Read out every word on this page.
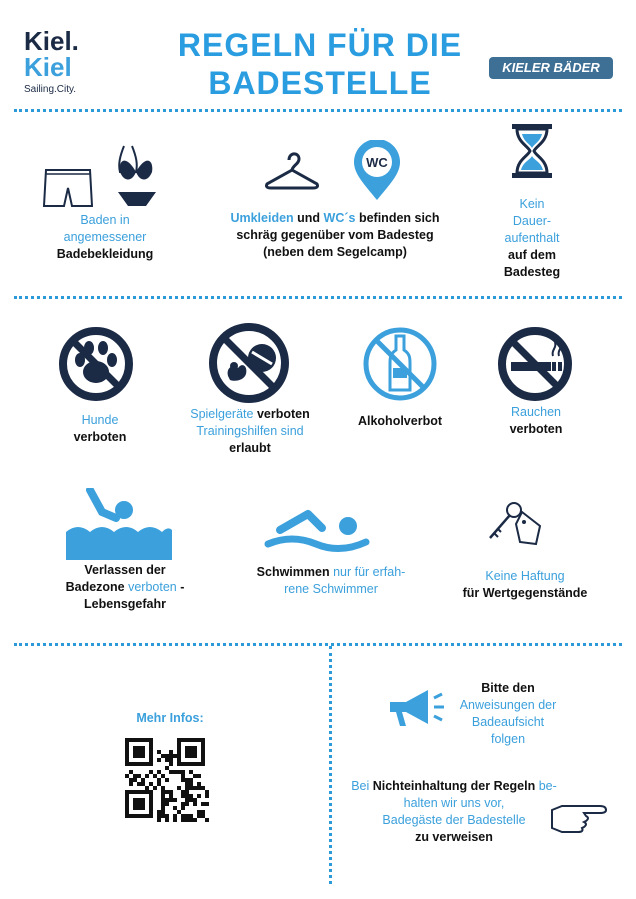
Kiel.
Kiel
Sailing.City.
REGELN FÜR DIE
BADESTELLE	KIELER BÄDER
Baden in
angemessener
Badebekleidung
WC
Umkleiden und WC´s befinden sich
schräg gegenüber vom Badesteg
(neben dem Segelcamp)
Kein
Dauer-
aufenthalt
auf dem
Badesteg
Hunde
verboten
Spielgeräte verboten
Trainingshilfen sind
erlaubt
Alkoholverbot
Rauchen
verboten
Verlassen der
Badezone verboten -
Lebensgefahr
Schwimmen nur für erfah-
rene Schwimmer
Keine Haftung
für Wertgegenstände
Mehr Infos:
Bitte den
Anweisungen der
Badeaufsicht
folgen
Bei Nichteinhaltung der Regeln be-
halten wir uns vor,
Badegäste der Badestelle
zu verweisen
